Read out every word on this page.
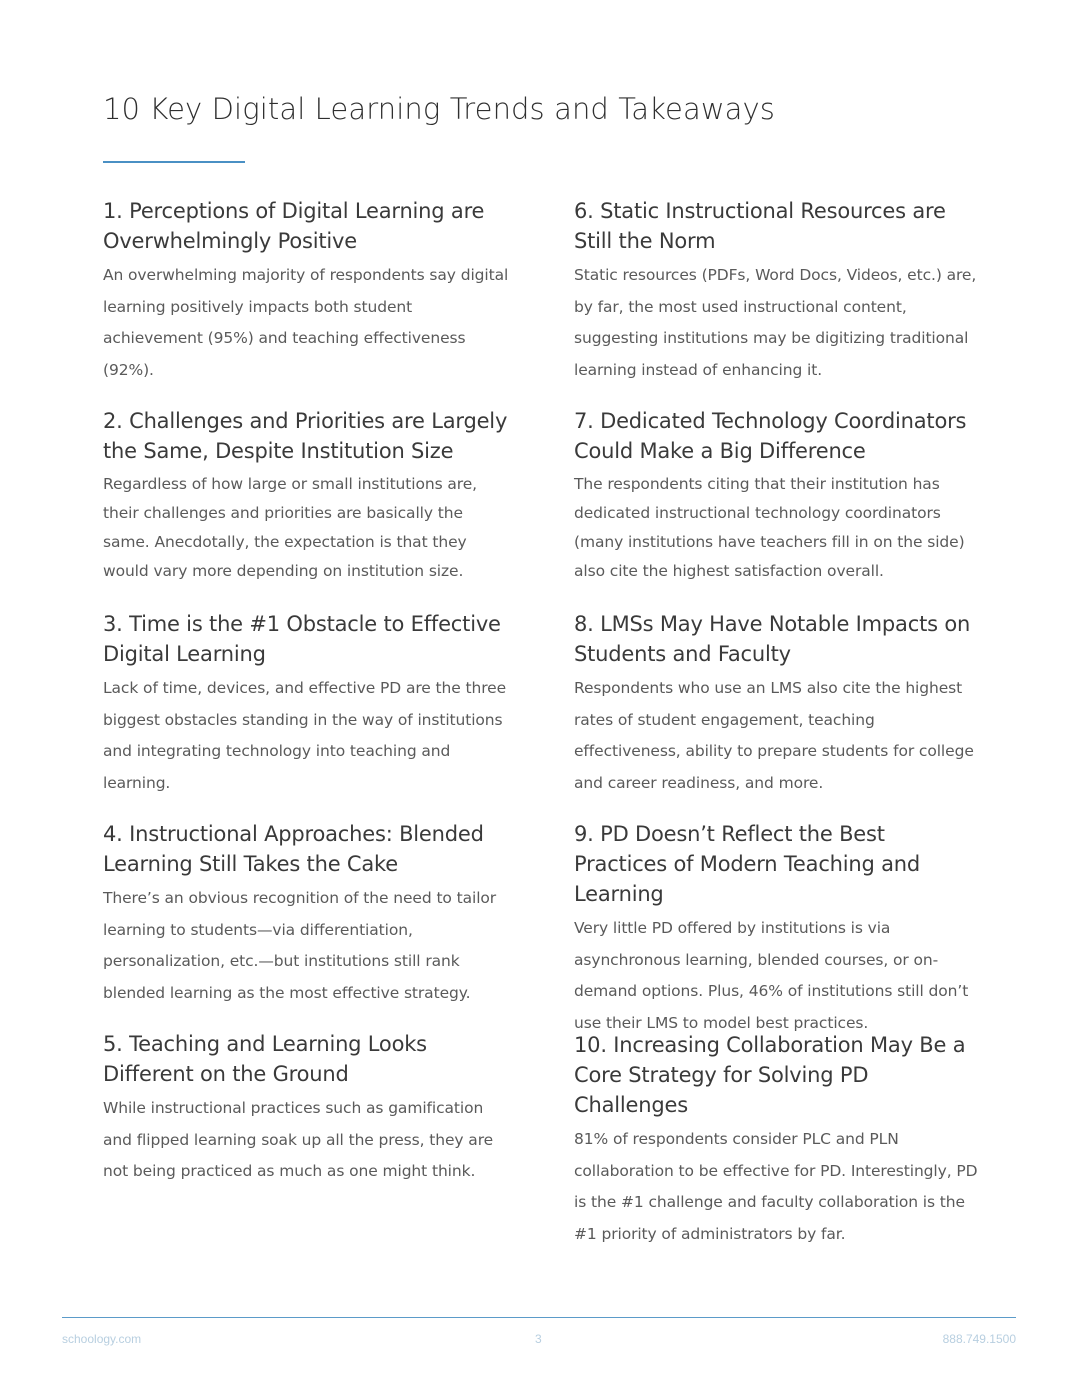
10 Key Digital Learning Trends and Takeaways
1. Perceptions of Digital Learning are Overwhelmingly Positive

An overwhelming majority of respondents say digital learning positively impacts both student achievement (95%) and teaching effectiveness (92%).

2. Challenges and Priorities are Largely the Same, Despite Institution Size

Regardless of how large or small institutions are, their challenges and priorities are basically the same. Anecdotally, the expectation is that they would vary more depending on institution size.

3. Time is the #1 Obstacle to Effective Digital Learning

Lack of time, devices, and effective PD are the three biggest obstacles standing in the way of institutions and integrating technology into teaching and learning.

4. Instructional Approaches: Blended Learning Still Takes the Cake

There’s an obvious recognition of the need to tailor learning to students—via differentiation, personalization, etc.—but institutions still rank blended learning as the most effective strategy.

5. Teaching and Learning Looks Different on the Ground

While instructional practices such as gamification and flipped learning soak up all the press, they are not being practiced as much as one might think.

6. Static Instructional Resources are Still the Norm

Static resources (PDFs, Word Docs, Videos, etc.) are, by far, the most used instructional content, suggesting institutions may be digitizing traditional learning instead of enhancing it.

7. Dedicated Technology Coordinators Could Make a Big Difference

The respondents citing that their institution has dedicated instructional technology coordinators (many institutions have teachers fill in on the side) also cite the highest satisfaction overall.

8. LMSs May Have Notable Impacts on Students and Faculty

Respondents who use an LMS also cite the highest rates of student engagement, teaching effectiveness, ability to prepare students for college and career readiness, and more.

9. PD Doesn’t Reflect the Best Practices of Modern Teaching and Learning

Very little PD offered by institutions is via asynchronous learning, blended courses, or on-demand options. Plus, 46% of institutions still don’t use their LMS to model best practices.

10. Increasing Collaboration May Be a Core Strategy for Solving PD Challenges

81% of respondents consider PLC and PLN collaboration to be effective for PD. Interestingly, PD is the #1 challenge and faculty collaboration is the #1 priority of administrators by far.

schoology.com	3	888.749.1500
